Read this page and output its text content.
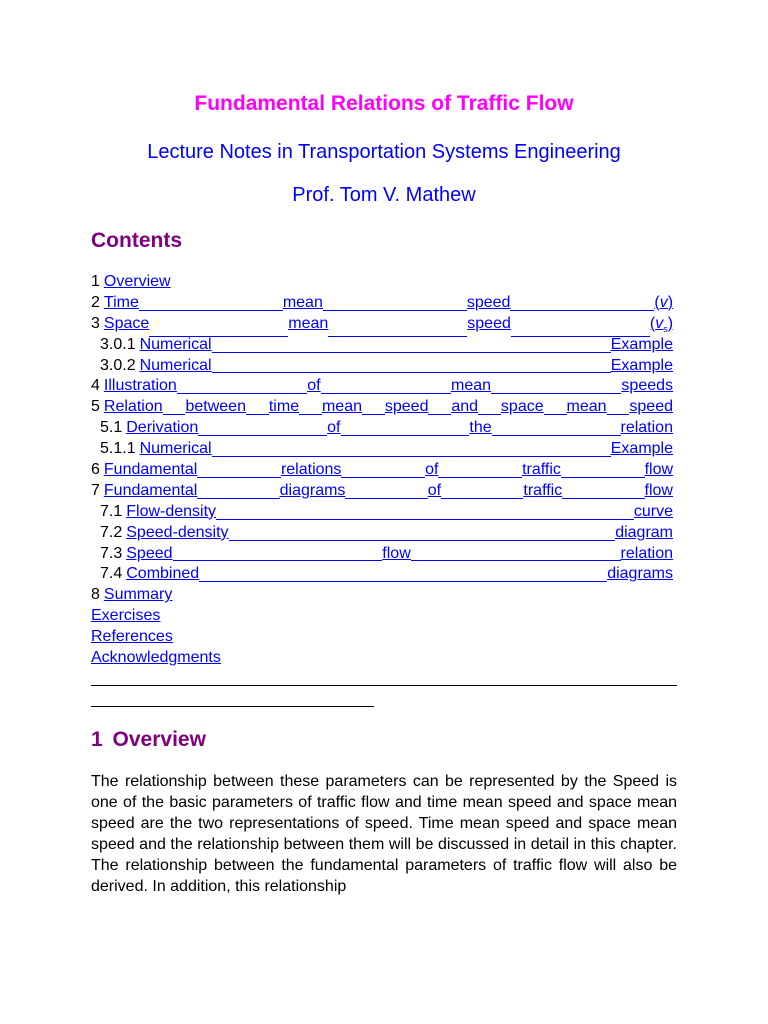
Fundamental Relations of Traffic Flow
Lecture Notes in Transportation Systems Engineering
Prof. Tom V. Mathew
Contents
1 Overview
2 Time	mean	speed	(v)
3 Space	mean	speed	$(v_s)$
3.0.1 Numerical	Example
3.0.2 Numerical	Example
4 Illustration	of	mean	speeds
5 Relation between time mean speed and space mean speed
5.1 Derivation	of	the	relation
5.1.1 Numerical	Example
6 Fundamental	relations	of	traffic	flow
7 Fundamental	diagrams	of	traffic	flow
7.1 Flow-density	curve
7.2 Speed-density	diagram
7.3 Speed	flow	relation
7.4 Combined	diagrams
8 Summary
Exercises
References
Acknowledgments
1 Overview

The relationship between these parameters can be represented by the Speed is one of the basic parameters of traffic flow and time mean speed and space mean speed are the two representations of speed. Time mean speed and space mean speed and the relationship between them will be discussed in detail in this chapter. The relationship between the fundamental parameters of traffic flow will also be derived. In addition, this relationship
